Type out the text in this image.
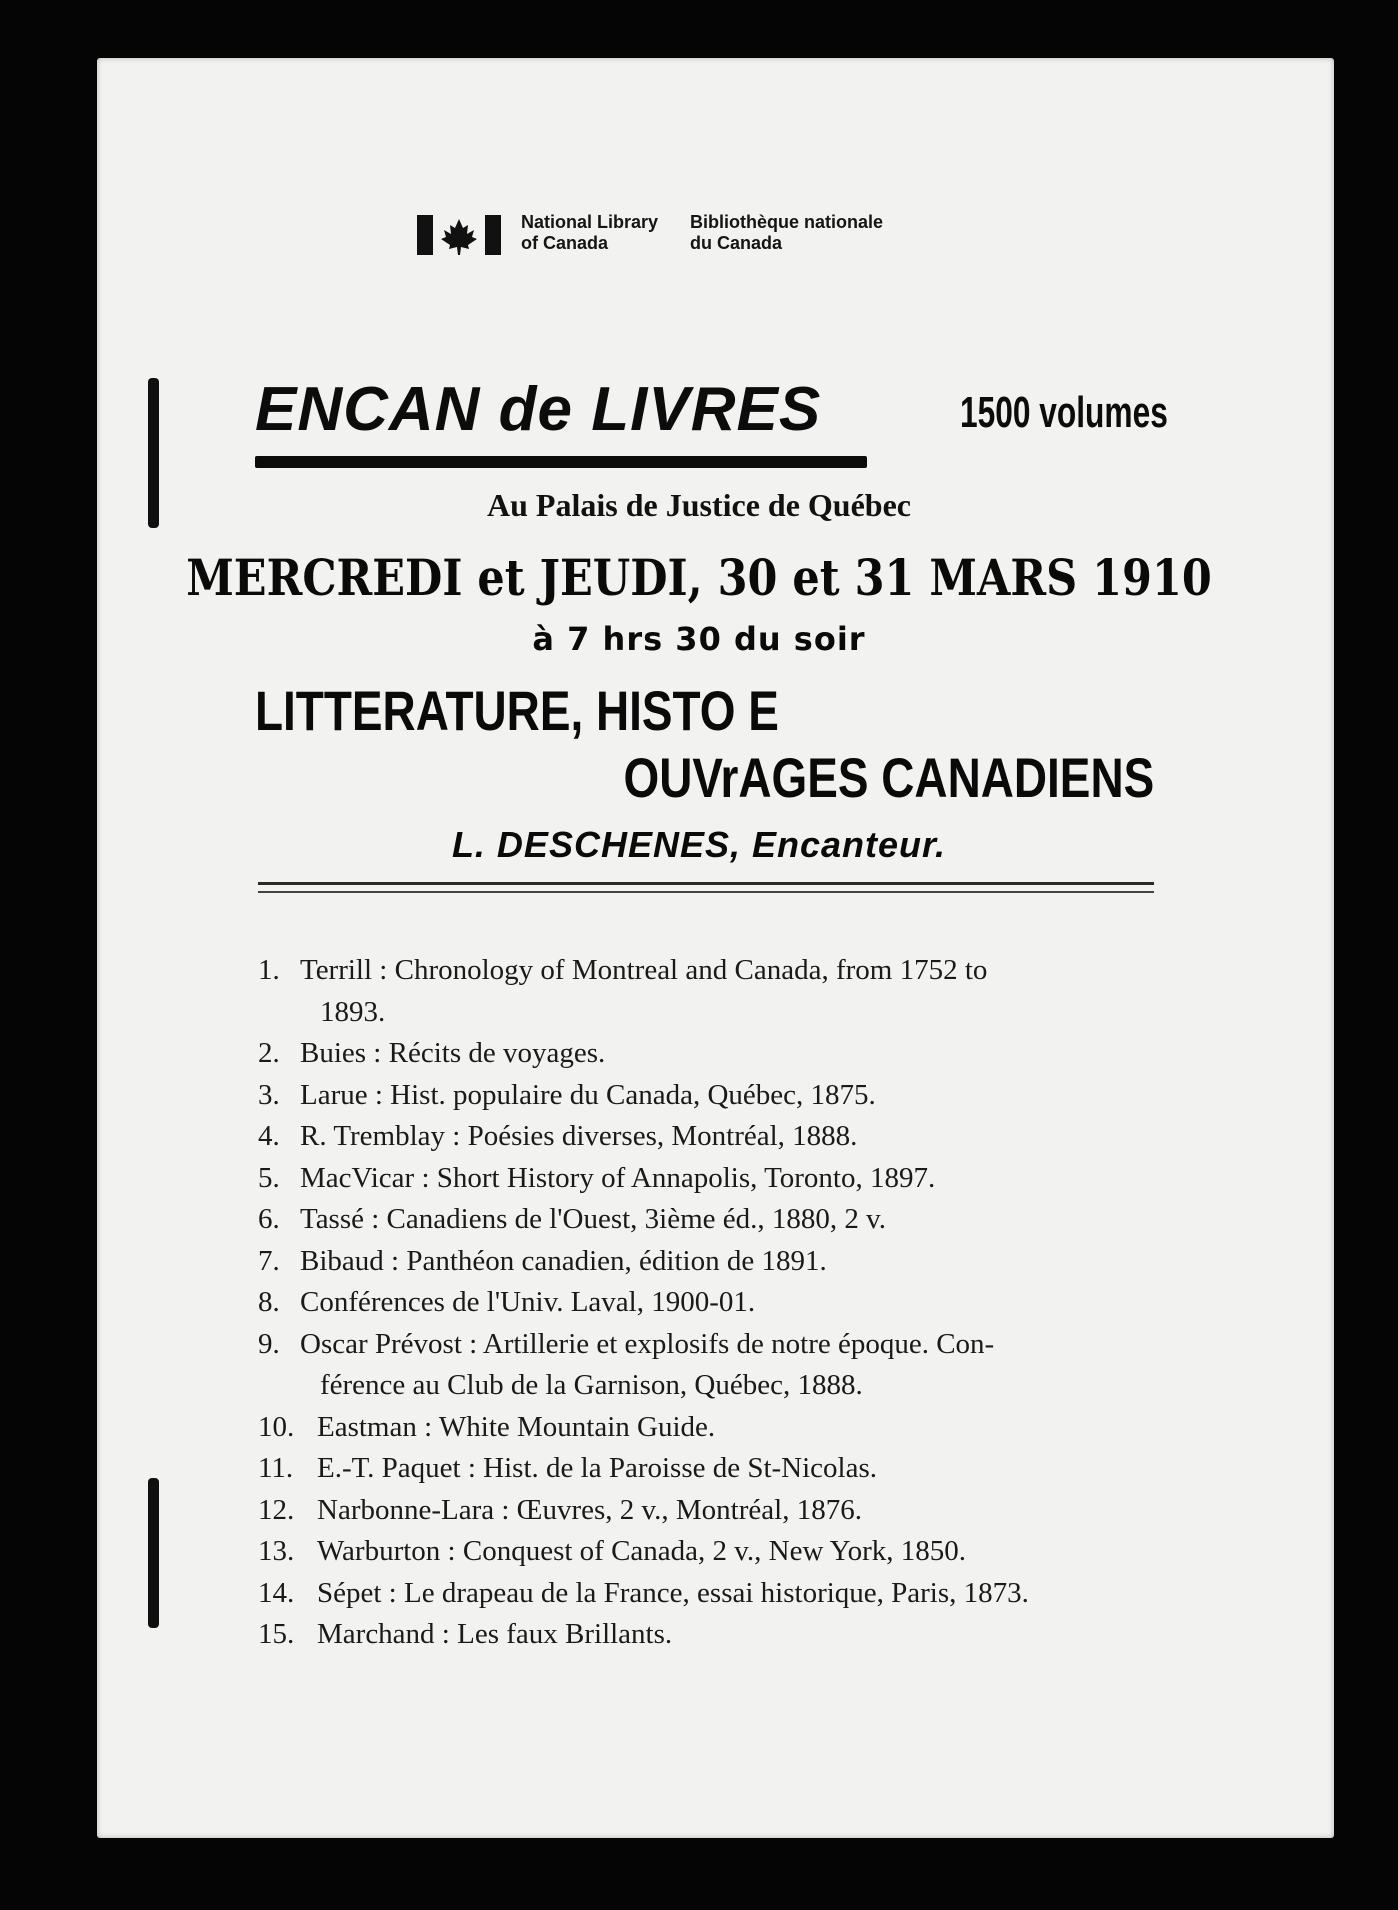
National Library
of Canada
Bibliothèque nationale
du Canada
ENCAN de LIVRES	1500 volumes
Au Palais de Justice de Québec
MERCREDI et JEUDI, 30 et 31 MARS 1910
à 7 hrs 30 du soir
LITTERATURE, HISTO E
OUVrAGES CANADIENS
L. DESCHENES, Encanteur.
1. Terrill : Chronology of Montreal and Canada, from 1752 to
1893.
2. Buies : Récits de voyages.
3. Larue : Hist. populaire du Canada, Québec, 1875.
4. R. Tremblay : Poésies diverses, Montréal, 1888.
5. MacVicar : Short History of Annapolis, Toronto, 1897.
6. Tassé : Canadiens de l'Ouest, 3ième éd., 1880, 2 v.
7. Bibaud : Panthéon canadien, édition de 1891.
8. Conférences de l'Univ. Laval, 1900-01.
9. Oscar Prévost : Artillerie et explosifs de notre époque. Con-
férence au Club de la Garnison, Québec, 1888.
10. Eastman : White Mountain Guide.
11. E.-T. Paquet : Hist. de la Paroisse de St-Nicolas.
12. Narbonne-Lara : Œuvres, 2 v., Montréal, 1876.
13. Warburton : Conquest of Canada, 2 v., New York, 1850.
14. Sépet : Le drapeau de la France, essai historique, Paris, 1873.
15. Marchand : Les faux Brillants.
